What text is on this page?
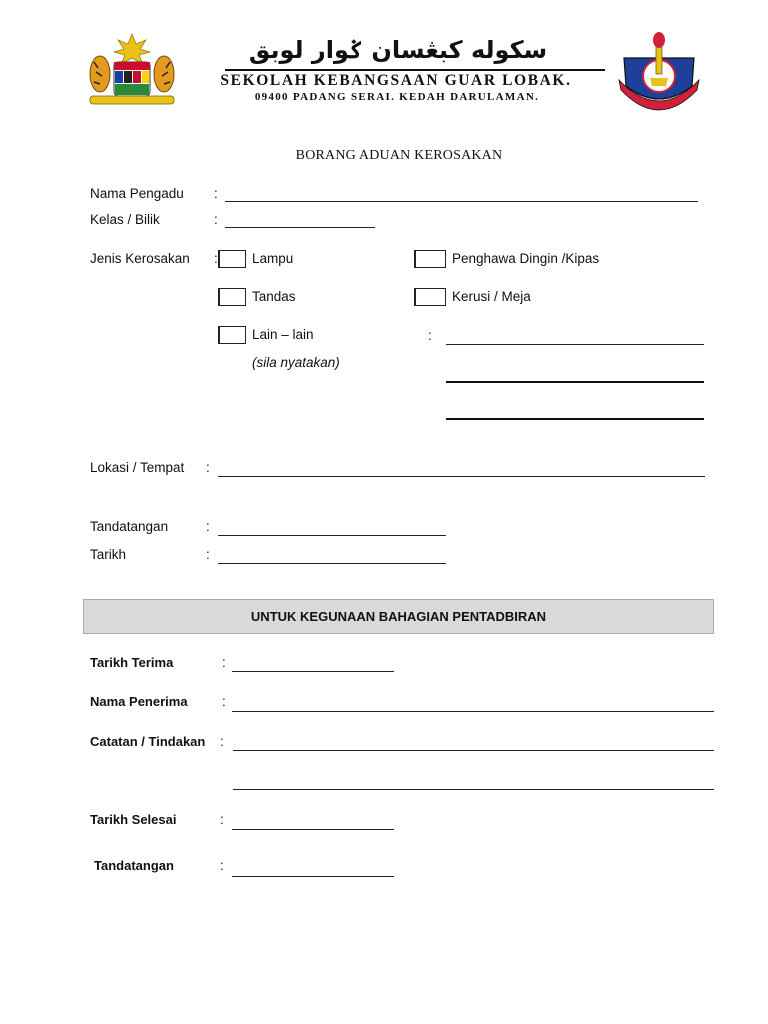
سكوله كبڠسان ݢوار لوبق
SEKOLAH KEBANGSAAN GUAR LOBAK.
09400 PADANG SERAI. KEDAH DARULAMAN.
BORANG ADUAN KEROSAKAN
Nama Pengadu :
Kelas / Bilik	:
Jenis Kerosakan :	Lampu	Penghawa Dingin /Kipas
Tandas	Kerusi / Meja
Lain – lain	:
(sila nyatakan)
Lokasi / Tempat :
Tandatangan	:
Tarikh	:
UNTUK KEGUNAAN BAHAGIAN PENTADBIRAN
Tarikh Terima	:
Nama Penerima	:
Catatan / Tindakan :
Tarikh Selesai	:
Tandatangan	:
